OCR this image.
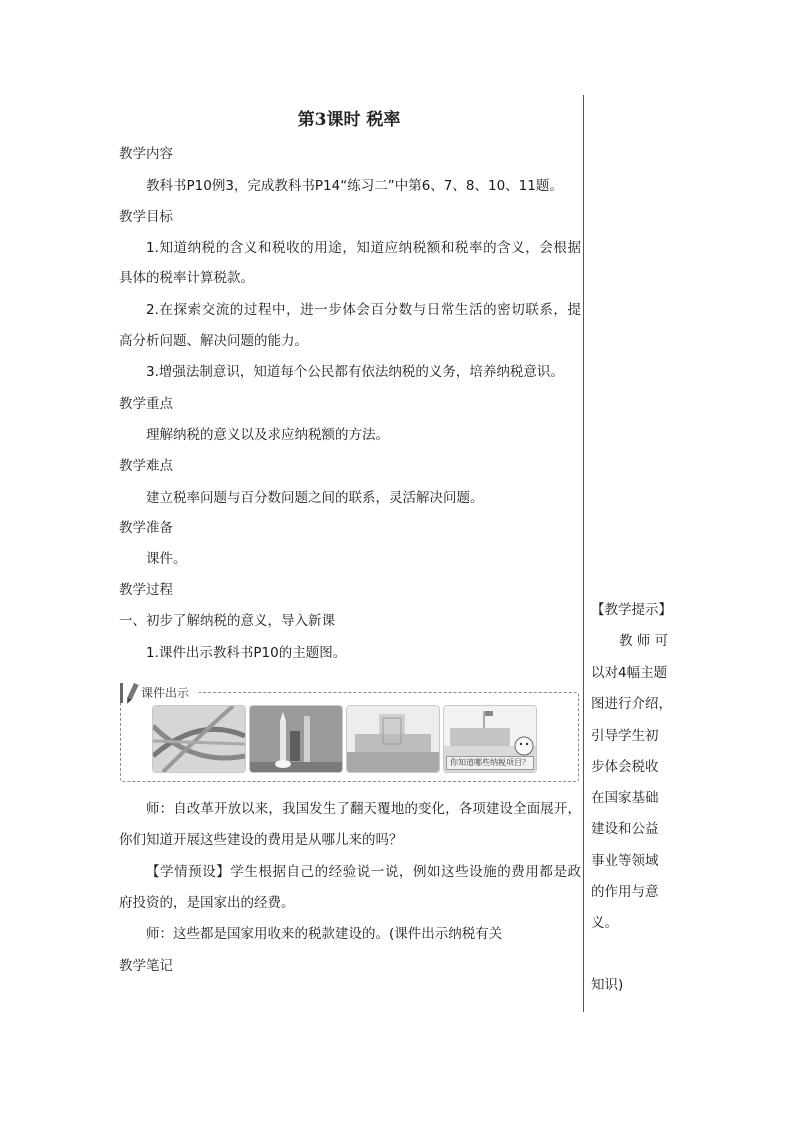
第3课时 税率
教学内容
教科书P10例3，完成教科书P14“练习二”中第6、7、8、10、11题。
教学目标
1.知道纳税的含义和税收的用途，知道应纳税额和税率的含义，会根据
具体的税率计算税款。
2.在探索交流的过程中，进一步体会百分数与日常生活的密切联系，提
高分析问题、解决问题的能力。
3.增强法制意识，知道每个公民都有依法纳税的义务，培养纳税意识。
教学重点
理解纳税的意义以及求应纳税额的方法。
教学难点
建立税率问题与百分数问题之间的联系，灵活解决问题。
教学准备
课件。
教学过程
一、初步了解纳税的意义，导入新课
1.课件出示教科书P10的主题图。
师：自改革开放以来，我国发生了翻天覆地的变化，各项建设全面展开，
你们知道开展这些建设的费用是从哪儿来的吗？
【学情预设】学生根据自己的经验说一说，例如这些设施的费用都是政
府投资的，是国家出的经费。
师：这些都是国家用收来的税款建设的。(课件出示纳税有关
教学笔记
课件出示
你知道哪些纳税项目？
【教学提示】
教 师 可
以对4幅主题
图进行介绍，
引导学生初
步体会税收
在国家基础
建设和公益
事业等领域
的作用与意
义。
知识)
